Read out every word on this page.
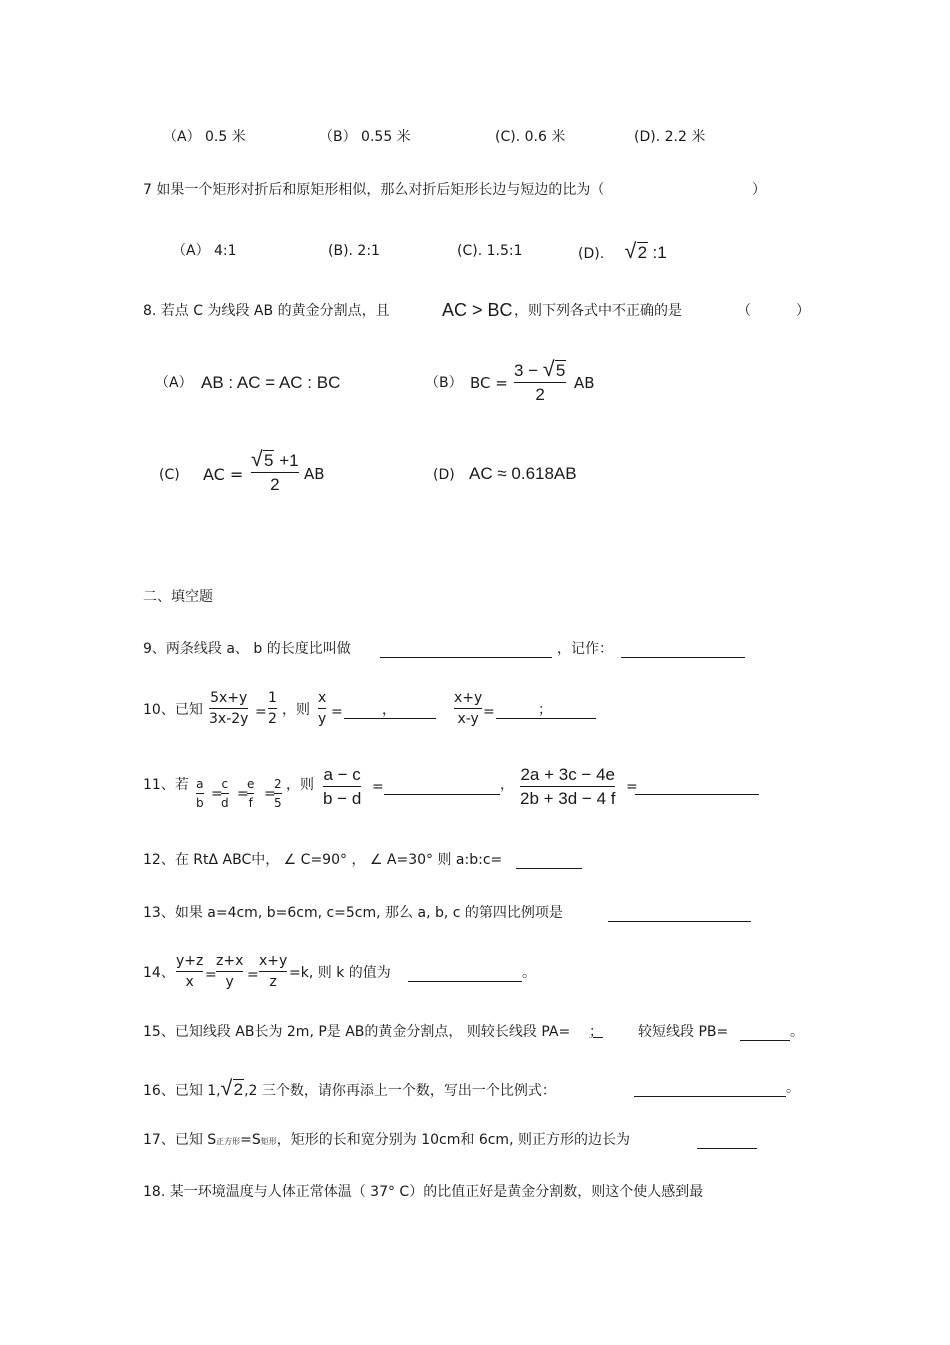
（A） 0.5 米	（B） 0.55 米	(C). 0.6 米	(D). 2.2 米
7 如果一个矩形对折后和原矩形相似，那么对折后矩形长边与短边的比为（	）
（A） 4:1	(B). 2:1	(C). 1.5:1	(D). √ 2 :1
8. 若点 C 为线段 AB 的黄金分割点，且	AC > BC ，则下列各式中不正确的是	（	）
（A） AB : AC = AC : BC	（B） BC =
3 − √ 5
2
AB
(C) AC =
√ 5 +1
2
AB	(D) AC ≈ 0.618AB
二、填空题
9、两条线段 a、 b 的长度比叫做	，记作：
10、已知
5x+y
3x-2y =
1
2
，则
x
y =	，
x+y
x-y =	；
11、若 a
b
=
c
d
=
e
f
=
2
5
，则
a − c
b − d
=	，
2a + 3c − 4e
2b + 3d − 4 f
=
12、在 RtΔ ABC中， ∠ C=90° ， ∠ A=30° 则 a:b:c=
13、如果 a=4cm, b=6cm, c=5cm, 那么 a, b, c 的第四比例项是
14、
y+z
x =
z+x
y =
x+y
z
=k, 则 k 的值为	。
15、已知线段 AB长为 2m, P是 AB的黄金分割点， 则较长线段 PA= ；	较短线段 PB=	。
16、已知 1, √ 2,2 三个数，请你再添上一个数，写出一个比例式：	。
17、已知 S正方形=S矩形，矩形的长和宽分别为 10cm和 6cm, 则正方形的边长为
18. 某一环境温度与人体正常体温（ 37° C）的比值正好是黄金分割数，则这个使人感到最
